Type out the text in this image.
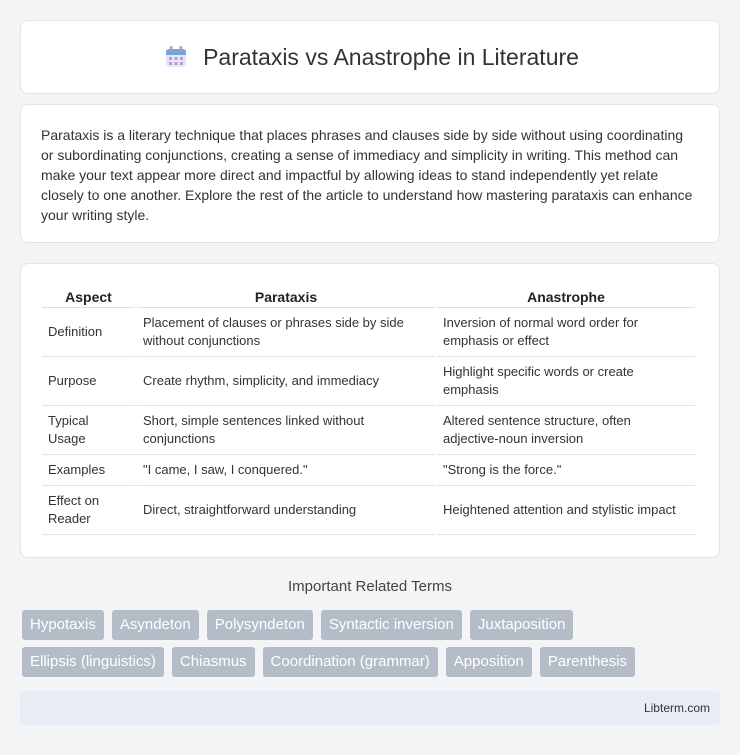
Parataxis vs Anastrophe in Literature

Parataxis is a literary technique that places phrases and clauses side by side without using coordinating or subordinating conjunctions, creating a sense of immediacy and simplicity in writing. This method can make your text appear more direct and impactful by allowing ideas to stand independently yet relate closely to one another. Explore the rest of the article to understand how mastering parataxis can enhance your writing style.

Aspect	Parataxis	Anastrophe
Definition	Placement of clauses or phrases side by side without conjunctions	Inversion of normal word order for emphasis or effect
Purpose	Create rhythm, simplicity, and immediacy	Highlight specific words or create emphasis
Typical Usage	Short, simple sentences linked without conjunctions	Altered sentence structure, often adjective-noun inversion
Examples	"I came, I saw, I conquered."	"Strong is the force."
Effect on Reader	Direct, straightforward understanding	Heightened attention and stylistic impact
Important Related Terms
Hypotaxis	Asyndeton	Polysyndeton	Syntactic inversion	Juxtaposition
Ellipsis (linguistics)	Chiasmus	Coordination (grammar)	Apposition	Parenthesis
Libterm.com
